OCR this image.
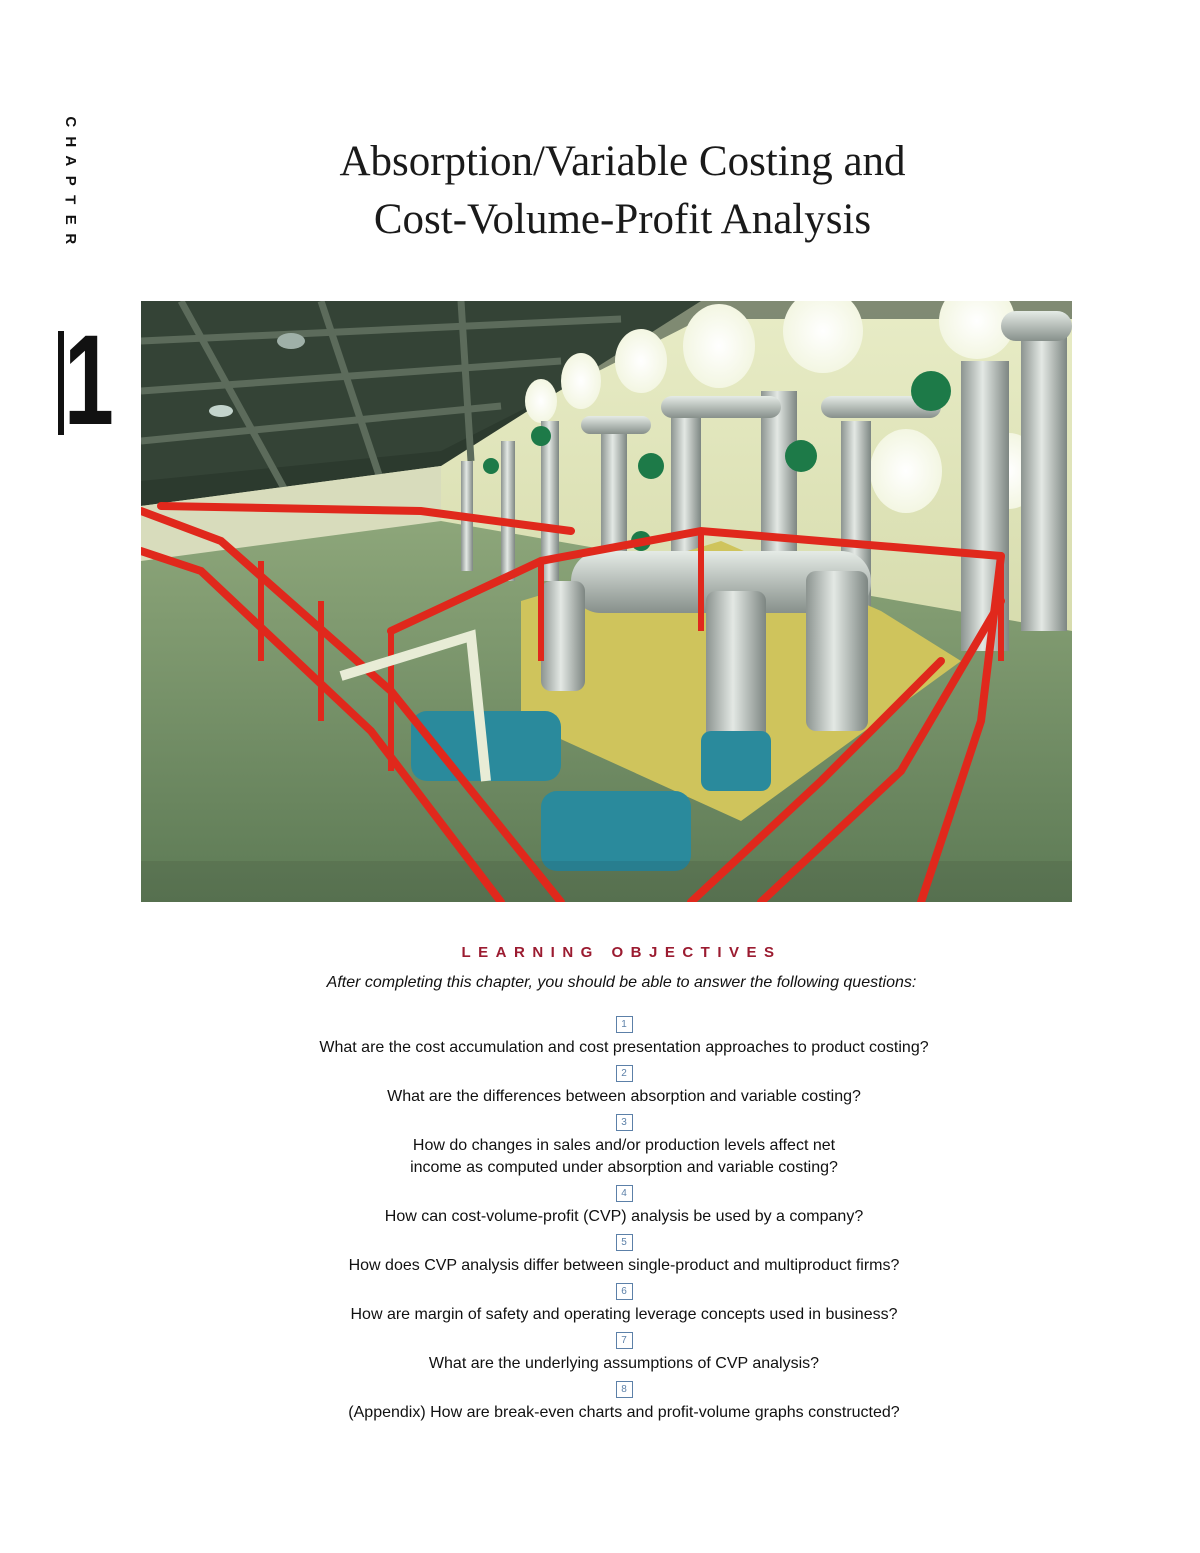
C
H
A
P
T
E
R
1
Absorption/Variable Costing and
Cost-Volume-Profit Analysis
LEARNING OBJECTIVES
After completing this chapter, you should be able to answer the following questions:
1
What are the cost accumulation and cost presentation approaches to product costing?
2
What are the differences between absorption and variable costing?
3
How do changes in sales and/or production levels affect net
income as computed under absorption and variable costing?
4
How can cost-volume-profit (CVP) analysis be used by a company?
5
How does CVP analysis differ between single-product and multiproduct firms?
6
How are margin of safety and operating leverage concepts used in business?
7
What are the underlying assumptions of CVP analysis?
8
(Appendix) How are break-even charts and profit-volume graphs constructed?
